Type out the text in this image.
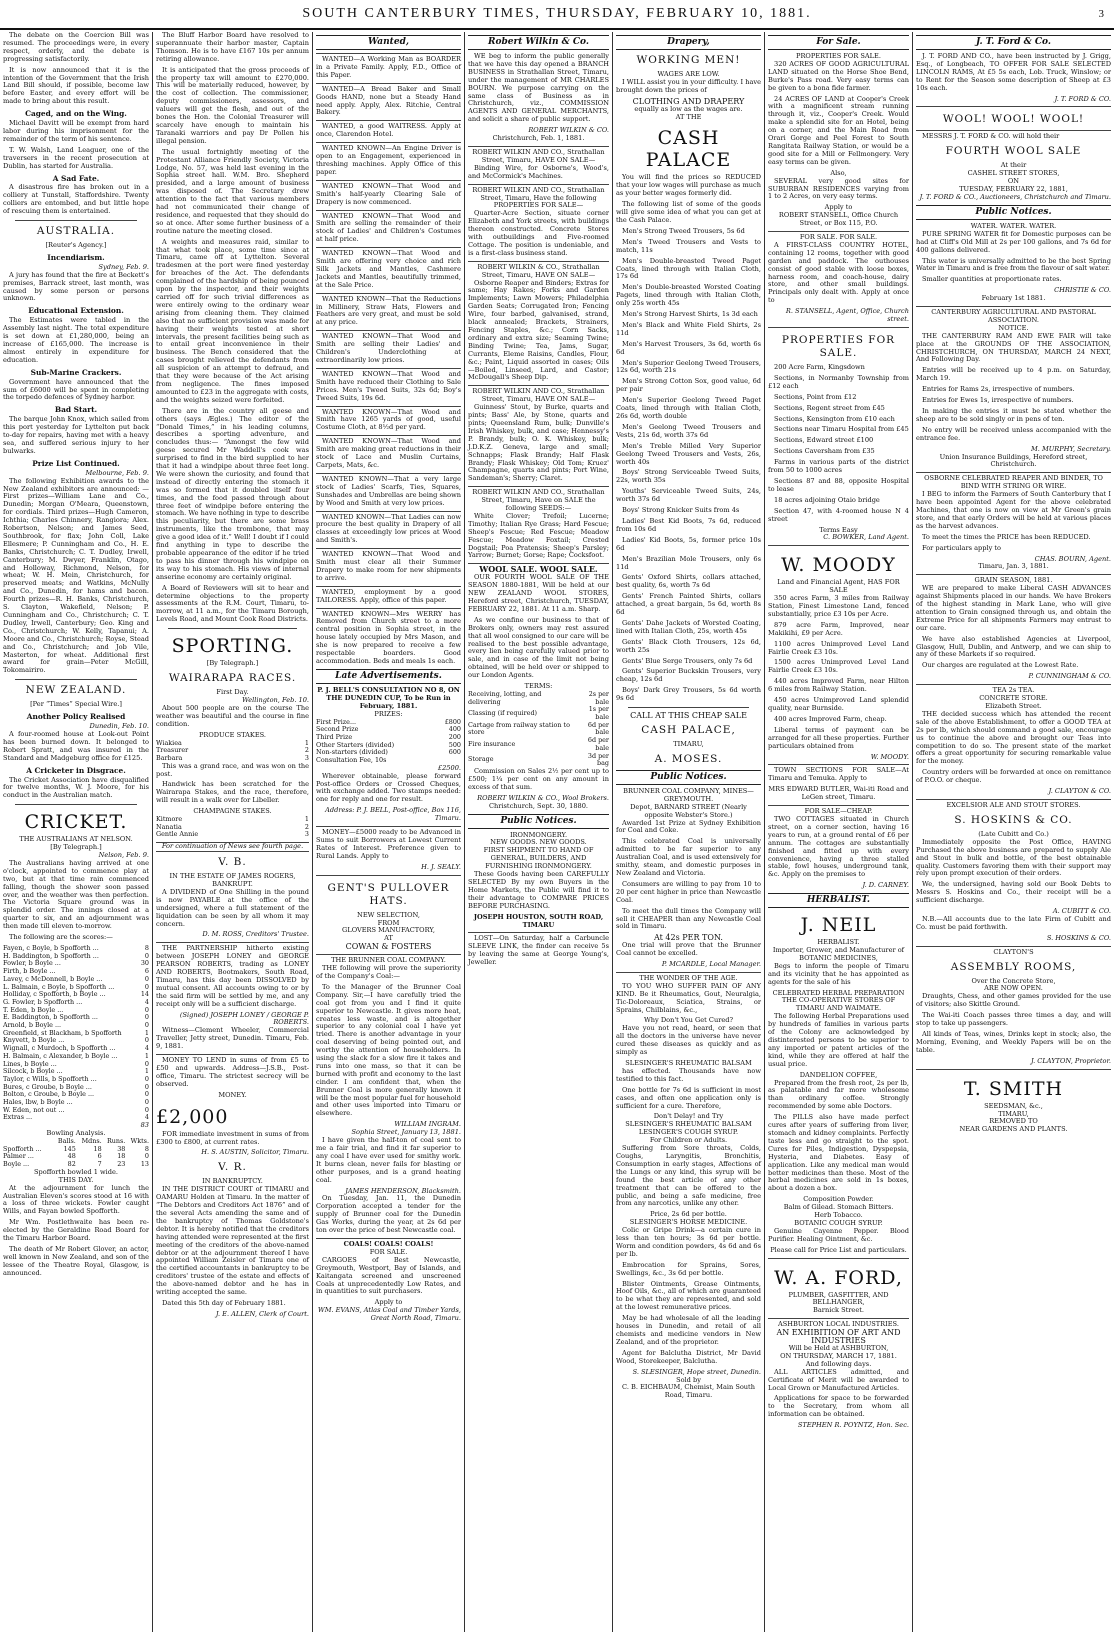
SOUTH CANTERBURY TIMES, THURSDAY, FEBRUARY 10, 1881.	3

The debate on the Coercion Bill was resumed. The proceedings were, in every respect, orderly, and the debate is progressing satisfactorily.

It is now announced that it is the intention of the Government that the Irish Land Bill should, if possible, become law before Easter, and every effort will be made to bring about this result.

Caged, and on the Wing.

Michael Davitt will be exempt from hard labor during his imprisonment for the remainder of the term of his sentence.

T. W. Walsh, Land Leaguer, one of the traversers in the recent prosecution at Dublin, has started for Australia.

A Sad Fate.

A disastrous fire has broken out in a colliery at Tunstall, Staffordshire. Twenty colliers are entombed, and but little hope of rescuing them is entertained.

AUSTRALIA.
[Reuter's Agency.]
Incendiarism.
Sydney, Feb. 9.

A jury has found that the fire at Beckett's premises, Barrack street, last month, was caused by some person or persons unknown.

Educational Extension.

The Estimates were tabled in the Assembly last night. The total expenditure is set down at £1,280,000, being an increase of £165,000. The increase is almost entirely in expenditure for education.

Sub-Marine Crackers.

Government have announced that the sum of £6000 will be spent in completing the torpedo defences of Sydney harbor.

Bad Start.

The barque John Knox, which sailed from this port yesterday for Lyttelton put back to-day for repairs, having met with a heavy sea, and suffered serious injury to her bulwarks.

Prize List Continued.
Melbourne, Feb. 9.

The following Exhibition awards to the New Zealand exhibitors are announced: —First prizes—William Lane and Co., Dunedin; Morgan O'Meara, Queenstown, for cordials. Third prizes—Hugh Cameron, Ichthia; Charles Chinnery, Rangiora; Alex. Robertson, Nelson; and James Seed, Southbrook, for flax; John Coll, Lake Ellesmere; P. Cunningham and Co., H. E. Banks, Christchurch; C. T. Dudley, Irwell, Canterbury; M. Dwyer, Franklin, Otago, and Holloway, Richmond, Nelson, for wheat; W. H. Mein, Christchurch, for preserved meats; and Watkins, McNully and Co., Dunedin, for hams and bacon. Fourth prizes—R. H. Banks, Christchurch, S. Clayton, Wakefield, Nelson; P. Cunningham and Co., Christchurch; C. T. Dudley, Irwell, Canterbury; Geo. King and Co., Christchurch; W. Kelly, Tapanui; A. Moore and Co., Christchurch; Royse, Stead and Co., Christchurch; and Job Vile, Masterton, for wheat. Additional first award for grain—Peter McGill, Tokomairiro.

NEW ZEALAND.
[Per “Times” Special Wire.]
Another Policy Realised
Dunedin, Feb. 10.

A four-roomed house at Look-out Point has been burned down. It belonged to Robert Spratt, and was insured in the Standard and Madgeburg office for £125.

A Cricketer in Disgrace.

The Cricket Association have disqualified for twelve months, W. J. Moore, for his conduct in the Australian match.

CRICKET.
THE AUSTRALIANS AT NELSON.
[By Telegraph.]
Nelson, Feb. 9.

The Australians having arrived at one o'clock, appointed to commence play at two, but at that time rain commenced falling, though the shower soon passed over, and the weather was then perfection. The Victoria Square ground was in splendid order. The innings closed at a quarter to six, and an adjournment was then made till eleven to-morrow.

The following are the scores:—

Fayen, c Boyle, b Spofforth ...	8
H. Baddington, b Spofforth ...	0
Fowler, b Boyle ...	30
Firth, b Boyle ...	6
Lavey, c McDonnell, b Boyle ...	0
L. Balmain, c Boyle, b Spofforth ...	0
Holliday, c Spofforth, b Boyle ...	14
G. Fowler, b Spofforth ...	4
T. Eden, b Boyle ...	0
E. Baddington, b Spofforth ...	0
Arnold, b Boyle ...	0
Greenfield, st Blackham, b Spofforth	1
Knyvett, b Boyle ...	0
Wignall, c Murdoch, b Spofforth ...	4
H. Balmain, c Alexander, b Boyle ...	1
Lines, b Boyle ...	0
Silcock, b Boyle ...	1
Taylor, c Wills, b Spofforth ...	0
Bures, c Groube, b Boyle ...	0
Bolton, c Groube, b Boyle ...	0
Hales, lbw, b Boyle ...	0
W. Eden, not out ...	0
Extras ...	4
83
Bowling Analysis.
	Balls.	Mdns.	Runs.	Wkts.
Spofforth ...	145	18	38	8
Palmer ...	48	6	18	0
Boyle ...	82	7	23	13
Spofforth bowled 1 wide.
THIS DAY.

At the adjournment for lunch the Australian Eleven's scores stood at 16 with a loss of three wickets. Fowler caught Wills, and Fayan bowled Spofforth.

Mr Wm. Postlethwaite has been re-elected by the Geraldine Road Board for the Timaru Harbor Board.

The death of Mr Robert Glover, an actor, well known in New Zealand, and son of the lessee of the Theatre Royal, Glasgow, is announced.

The Bluff Harbor Board have resolved to superannuate their harbor master, Captain Thomson. He is to have £167 10s per annum retiring allowance.

It is anticipated that the gross proceeds of the property tax will amount to £270,000. This will be materially reduced, however, by the cost of collection. The commissioner, deputy commissioners, assessors, and valuers will get the flesh, and out of the bones the Hon. the Colonial Treasurer will scarcely have enough to maintain his Taranaki warriors and pay Dr Pollen his illegal pension.

The usual fortnightly meeting of the Protestant Alliance Friendly Society, Victoria Lodge, No. 57, was held last evening in the Sophia street hall. W.M. Bro. Shepherd presided, and a large amount of business was disposed of. The Secretary drew attention to the fact that various members had not communicated their change of residence, and requested that they should do so at once. After some further business of a routine nature the meeting closed.

A weights and measures raid, similar to that what took place, some time since at Timaru, came off at Lyttelton. Several tradesmen at the port were fined yesterday for breaches of the Act. The defendants complained of the hardship of being pounced upon by the inspector, and their weights carried off for such trivial differences as were entirely owing to the ordinary wear arising from cleaning them. They claimed also that no sufficient provision was made for having their weights tested at short intervals, the present facilities being such as to entail great inconvenience in their business. The Bench considered that the cases brought relieved the defendants from all suspicion of an attempt to defraud, and that they were because of the Act arising from negligence. The fines imposed amounted to £23 in the aggregate with costs, and the weights seized were forfeited.

There are in the country all geese and others (says Ægles.) The editor of the “Donald Times,” in his leading columns, describes a sporting adventure, and concludes thus:— “Amongst the few wild geese secured Mr Waddell's cook was surprised to find in the bird supplied to her that it had a windpipe about three feet long. We were shown the curiosity, and found that instead of directly entering the stomach it was so formed that it doubled itself four times, and the food passed through about three feet of windpipe before entering the stomach. We have nothing in type to describe this peculiarity, but there are some brass instruments, like the trombone, that may give a good idea of it.” Well! I doubt if I could find anything in type to describe the probable appearance of the editor if he tried to pass his dinner through his windpipe on its way to his stomach. His views of internal anserine economy are certainly original.

A Board of Reviewers will sit to hear and determine objections to the property assessments at the R.M. Court, Timaru, to-morrow, at 11 a.m., for the Timaru Borough, Levels Road, and Mount Cook Road Districts.

SPORTING.
[By Telegraph.]
WAIRARAPA RACES.
First Day.
Wellington, Feb. 10.

About 500 people are on the course The weather was beautiful and the course in fine condition.

PRODUCE STAKES.
Wiakiea	1
Treasurer	2
Barbara	3

This was a grand race, and was won on the post.

Handwick has been scratched for the Wairarapa Stakes, and the race, therefore, will result in a walk over for Libeller.

CHAMPAGNE STAKES.
Kitmore	1
Nanatia	2
Gentle Annie	3
For continuation of News see fourth page.
V. B.
IN THE ESTATE OF JAMES ROGERS, BANKRUPT.

A DIVIDEND of One Shilling in the pound is now PAYABLE at the office of the undersigned, where a full statement of the liquidation can be seen by all whom it may concern.

D. M. ROSS, Creditors' Trustee.

THE PARTNERSHIP hitherto existing between JOSEPH LONEY and GEORGE PEARSON ROBERTS, trading as LONEY AND ROBERTS, Bootmakers, South Road, Timaru, has this day been DISSOLVED by mutual consent. All accounts owing to or by the said firm will be settled by me, and any receipt only will be a sufficient discharge.

(Signed) JOSEPH LONEY / GEORGE P. ROBERTS.

Witness—Clement Wheeler, Commercial Traveller, Jetty street, Dunedin. Timaru, Feb. 9, 1881.

MONEY TO LEND in sums of from £5 to £50 and upwards. Address—J.S.B., Post-office, Timaru. The strictest secrecy will be observed.

MONEY.
£2,000

FOR immediate investment in sums of from £300 to £800, at current rates.

H. S. AUSTIN, Solicitor, Timaru.
V. R.
IN BANKRUPTCY.

IN THE DISTRICT COURT of TIMARU and OAMARU Holden at Timaru. In the matter of “The Debtors and Creditors Act 1876” and of the several Acts amending the same and of the bankruptcy of Thomas Goldstone's debtor. It is hereby notified that the creditors having attended were represented at the first meeting of the creditors of the above-named debtor or at the adjournment thereof I have appointed William Zeisler of Timaru one of the certified accountants in bankruptcy to be creditors' trustee of the estate and effects of the above-named debtor and he has in writing accepted the same.

Dated this 5th day of February 1881.

J. E. ALLEN, Clerk of Court.
Wanted,

WANTED—A Working Man as BOARDER in a Private Family. Apply, F.D., Office of this Paper.

WANTED—A Bread Baker and Small Goods HAND, none but a Steady Hand need apply. Apply, Alex. Ritchie, Central Bakery.

WANTED, a good WAITRESS. Apply at once, Clarendon Hotel.

WANTED KNOWN—An Engine Driver is open to an Engagement, experienced in threshing machines. Apply Office of this paper.

WANTED KNOWN—That Wood and Smith's half-yearly Clearing Sale of Drapery is now commenced.

WANTED KNOWN—That Wood and Smith are selling the remainder of their stock of Ladies' and Children's Costumes at half price.

WANTED KNOWN—That Wood and Smith are offering very choice and rich Silk Jackets and Mantles, Cashmere Jackets and Mantles, beautifully trimmed, at the Sale Price.

WANTED KNOWN—That the Reductions in Millinery, Straw Hats, Flowers and Feathers are very great, and must be sold at any price.

WANTED KNOWN—That Wood and Smith are selling their Ladies' and Children's Underclothing at extraordinarily low prices.

WANTED KNOWN—That Wood and Smith have reduced their Clothing to Sale Prices. Men's Tweed Suits, 32s 6d; Boy's Tweed Suits, 19s 6d.

WANTED KNOWN—That Wood and Smith have 1265 yards of good, useful Costume Cloth, at 8½d per yard.

WANTED KNOWN—That Wood and Smith are making great reductions in their stock of Lace and Muslin Curtains, Carpets, Mats, &c.

WANTED KNOWN—That a very large stock of Ladies' Scarfs, Ties, Squares, Sunshades and Umbrellas are being shown by Wood and Smith at very low prices.

WANTED KNOWN—That Ladies can now procure the best quality in Drapery of all classes at exceedingly low prices at Wood and Smith's.

WANTED KNOWN—That Wood and Smith must clear all their Summer Drapery to make room for new shipments to arrive.

WANTED, employment by a good TAILORESS. Apply, office of this paper.

WANTED KNOWN—Mrs WERRY has Removed from Church street to a more central position in Sophia street, in the house lately occupied by Mrs Mason, and she is now prepared to receive a few respectable boarders. Good accommodation. Beds and meals 1s each.

Late Advertisements.
P. J. BELL'S CONSULTATION NO 8, ON THE DUNEDIN CUP, To be Run in February, 1881.
PRIZES:
First Prize...	£800
Second Prize	400
Third Prize	200
Other Starters (divided)	500
Non-starters (divided)	600
Consultation Fee, 10s	
£2500.

Wherever obtainable, please forward Post-office Orders or Crossed Cheques, with exchange added. Two stamps needed: one for reply and one for result.

Address: P. J. BELL, Post-office, Box 116, Timaru.

MONEY—£5000 ready to be Advanced in Sums to suit Borrowers at Lowest Current Rates of Interest. Preference given to Rural Lands. Apply to

H. J. SEALY.
GENT'S PULLOVER HATS.
NEW SELECTION,
FROM
GLOVERS MANUFACTORY,
AT
COWAN & FOSTERS
THE BRUNNER COAL COMPANY.

THE following will prove the superiority of the Company's Coal:—

To the Manager of the Brunner Coal Company. Sir,—I have carefully tried the coal got from you and I find it quite superior to Newcastle. It gives more heat, creates less waste, and is altogether superior to any colonial coal I have yet tried. There is another advantage in your coal deserving of being pointed out, and worthy the attention of householders. In using the slack for a slow fire it takes and runs into one mass, so that it can be burned with profit and economy to the last cinder. I am confident that, when the Brunner Coal is more generally known it will be the most popular fuel for household and other uses imported into Timaru or elsewhere.

WILLIAM INGRAM.
Sophia Street, January 13, 1881.

I have given the half-ton of coal sent to me a fair trial, and find it far superior to any coal I have ever used for smithy work. It burns clean, never fails for blasting or other purposes, and is a grand heating coal.

JAMES HENDERSON, Blacksmith.

On Tuesday, Jan. 11, the Dunedin Corporation accepted a tender for the supply of Brunner coal for the Dunedin Gas Works, during the year, at 2s 6d per ton over the price of best Newcastle coal.

COALS! COALS! COALS!
FOR SALE.

CARGOES of Best Newcastle, Greymouth, Westport, Bay of Islands, and Kaitangata screened and unscreened Coals at unprecedentedly Low Rates, and in quantities to suit purchasers.

Apply to
WM. EVANS, Atlas Coal and Timber Yards, Great North Road, Timaru.
Robert Wilkin & Co.

WE beg to inform the public generally that we have this day opened a BRANCH BUSINESS in Strathallan Street, Timaru, under the management of MR CHARLES BOURN. We purpose carrying on the same class of Business as in Christchurch, viz., COMMISSION AGENTS AND GENERAL MERCHANTS, and solicit a share of public support.

ROBERT WILKIN & CO.
Christchurch, Feb. 1, 1881.
ROBERT WILKIN AND CO., Strathallan Street, Timaru, HAVE ON SALE—

Binding Wire, for Osborne's, Wood's, and McCormick's Machines.

ROBERT WILKIN AND CO., Strathallan Street, Timaru, Have the following PROPERTIES FOR SALE—

Quarter-Acre Section, situate corner Elizabeth and York streets, with buildings thereon constructed. Concrete Stores with outbuildings and Five-roomed Cottage. The position is undeniable, and is a first-class business stand.

ROBERT WILKIN & CO., Strathallan Street, Timaru, HAVE ON SALE—

Osborne Reaper and Binders; Extras for same; Hay Rakes; Forks and Garden Implements; Lawn Mowers; Philadelphia Garden Seats; Corrugated Iron; Fencing Wire, four barbed, galvanised, strand, black annealed; Brackets, Strainers, Fencing Staples, &c.; Corn Sacks, ordinary and extra size; Seaming Twine; Binding Twine; Tea, Jams, Sugar, Currants, Eleme Raisins, Candles, Flour, &c.; Paint, Liquid assorted in cases; Oils—Boiled, Linseed, Lard, and Castor; McDougall's Sheep Dip.

ROBERT WILKIN AND CO., Strathallan Street, Timaru, HAVE ON SALE—

Guinness' Stout, by Burke, quarts and pints; Bass' Ale, by Stone, quarts and pints; Queensland Rum, bulk; Dunville's Irish Whiskey, bulk, and case; Hennessy's P. Brandy, bulk; O. K. Whiskey, bulk; J.D.K.Z. Geneva, large and small; Schnapps; Flask Brandy; Half Flask Brandy; Flask Whiskey; Old Tom; Kruez' Champagne, quarts and pints; Port Wine, Sandeman's; Sherry; Claret.

ROBERT WILKIN AND CO., Strathallan Street, Timaru, Have on SALE the following SEEDS:—

White Clover; Trefoil; Lucerne; Timothy; Italian Rye Grass; Hard Fescue; Sheep's Fescue; Red Fescue; Meadow Fescue; Meadow Foxtail; Crested Dogstail; Poa Pratensis; Sheep's Parsley; Yarrow; Burnet; Gorse; Rape; Cocksfoot.

WOOL SALE. WOOL SALE.

OUR FOURTH WOOL SALE OF THE SEASON 1880-1881, Will be held at our NEW ZEALAND WOOL STORES, Hereford street, Christchurch, TUESDAY, FEBRUARY 22, 1881. At 11 a.m. Sharp.

As we confine our business to that of Brokers only, owners may rest assured that all wool consigned to our care will be realised to the best possible advantage, every lien being carefully valued prior to sale, and in case of the limit not being obtained, will be held over or shipped to our London Agents.

TERMS:
Receiving, lotting, and delivering	2s per bale
Classing (if required)	1s per bale
Cartage from railway station to store	6d per bale
Fire insurance	6d per bale
Storage	3d per bag

Commission on Sales 2½ per cent up to £500; 1¼ per cent on any amount in excess of that sum.

ROBERT WILKIN & CO., Wool Brokers.
Christchurch, Sept. 30, 1880.
Public Notices.
IRONMONGERY.
NEW GOODS. NEW GOODS.
FIRST SHIPMENT TO HAND OF GENERAL, BUILDERS, AND FURNISHING IRONMONGERY.

These Goods having been CAREFULLY SELECTED By my own Buyers in the Home Markets, the Public will find it to their advantage to COMPARE PRICES BEFORE PURCHASING.

JOSEPH HOUSTON, SOUTH ROAD, TIMARU

LOST—On Saturday, half a Carbuncle SLEEVE LINK, the finder can receive 5s by leaving the same at George Young's, Jeweller.

Drapery,
WORKING MEN!
WAGES ARE LOW.

I WILL assist you in your difficulty. I have brought down the prices of

CLOTHING AND DRAPERY
equally as low as the wages are.
AT THE
CASH PALACE

You will find the prices so REDUCED that your low wages will purchase as much as your better wages formerly did.

The following list of some of the goods will give some idea of what you can get at the Cash Palace.

Men's Strong Tweed Trousers, 5s 6d

Men's Tweed Trousers and Vests to match, 11s

Men's Double-breasted Tweed Paget Coats, lined through with Italian Cloth, 17s 6d

Men's Double-breasted Worsted Coating Pagets, lined through with Italian Cloth, only 25s worth 45s

Men's Strong Harvest Shirts, 1s 3d each

Men's Black and White Field Shirts, 2s 11d

Men's Harvest Trousers, 3s 6d, worth 6s 6d

Men's Superior Geelong Tweed Trousers, 12s 6d, worth 21s

Men's Strong Cotton Sox, good value, 6d per pair

Men's Superior Geelong Tweed Paget Coats, lined through with Italian Cloth, 26s 6d, worth double

Men's Geelong Tweed Trousers and Vests, 21s 6d, worth 37s 6d

Men's Treble Milled Very Superior Geelong Tweed Trousers and Vests, 26s, worth 40s

Boys' Strong Serviceable Tweed Suits, 22s, worth 35s

Youths' Serviceable Tweed Suits, 24s, worth 37s 6d

Boys' Strong Knicker Suits from 4s

Ladies' Best Kid Boots, 7s 6d, reduced from 10s 6d

Ladies' Kid Boots, 5s, former price 10s 6d

Men's Brazilian Mole Trousers, only 6s 11d

Gents' Oxford Shirts, collars attached, best quality, 6s, worth 7s 6d

Gents' French Painted Shirts, collars attached, a great bargain, 5s 6d, worth 8s 6d

Gents' Dahe Jackets of Worsted Coating, lined with Italian Cloth, 25s, worth 45s

Gents' Black Cloth Trousers, 12s 6d, worth 25s

Gents' Blue Serge Trousers, only 7s 6d

Gents' Superior Buckskin Trousers, very cheap, 12s 6d

Boys' Dark Grey Trousers, 5s 6d worth 9s 6d

CALL AT THIS CHEAP SALE
CASH PALACE,
TIMARU,
A. MOSES.
Public Notices.
BRUNNER COAL COMPANY, MINES—GREYMOUTH.
Depot, BARNARD STREET (Nearly opposite Webster's Store.)

Awarded 1st Prize at Sydney Exhibition for Coal and Coke.

This celebrated Coal is universally admitted to be far superior to any Australian Coal, and is used extensively for smithy, steam, and domestic purposes in New Zealand and Victoria.

Consumers are willing to pay from 10 to 20 per cent higher in price than Newcastle Coal.

To meet the dull times the Company will sell it CHEAPER than any Newcastle Coal sold in Timaru.

At 42s PER TON.

One trial will prove that the Brunner Coal cannot be excelled.

P. MCARDLE, Local Manager.
THE WONDER OF THE AGE.

TO YOU WHO SUFFER PAIN OF ANY KIND. Be it Rheumatics, Gout, Neuralgia, Tic-Doloreaux, Sciatica, Strains, or Sprains, Chilblains, &c.,

Why Don't You Get Cured?

Have you not read, heard, or seen that all the doctors in the universe have never cured these diseases as quickly and as simply as

SLESINGER'S RHEUMATIC BALSAM

has effected. Thousands have now testified to this fact.

One bottle for 7s 6d is sufficient in most cases, and often one application only is sufficient for a cure. Therefore,

Don't Delay! and Try
SLESINGER'S RHEUMATIC BALSAM
LESINGER'S COUGH SYRUP.
For Children or Adults.

Suffering from Sore throats, Colds, Coughs, Laryngitis, Bronchitis, Consumption in early stages, Affections of the Lungs or any kind, this syrup will be found the best article of any other treatment that can be offered to the public, and being a safe medicine, free from any narcotics, unlike any other.

Price, 2s 6d per bottle.
SLESINGER'S HORSE MEDICINE.

Colic or Gripe Drink—a certain cure in less than ten hours; 3s 6d per bottle. Worm and condition powders, 4s 6d and 6s per lb.

Embrocation for Sprains, Sores, Swellings, &c., 3s 6d per bottle.

Blister Ointments, Grease Ointments, Hoof Oils, &c., all of which are guaranteed to be what they are represented, and sold at the lowest remunerative prices.

May be had wholesale of all the leading houses in Dunedin, and retail of all chemists and medicine vendors in New Zealand, and of the proprietor.

Agent for Balclutha District, Mr David Wood, Storekeeper, Balclutha.

S. SLESINGER, Hope street, Dunedin.
Sold by
C. B. EICHBAUM, Chemist, Main South Road, Timaru.
For Sale.
PROPERTIES FOR SALE.

320 ACRES OF GOOD AGRICULTURAL LAND situated on the Horse Shoe Bend, Burke's Pass road. Very easy terms can be given to a bona fide farmer.

24 ACRES OF LAND at Cooper's Creek with a magnificent stream running through it, viz., Cooper's Creek. Would make a splendid site for an Hotel, being on a corner, and the Main Road from Orari Gorge and Peel Forest to South Rangitata Railway Station, or would be a good site for a Mill or Fellmongery. Very easy terms can be given.

Also,

SEVERAL very good sites for SUBURBAN RESIDENCES varying from 1 to 2 Acres, on very easy terms.

Apply to
ROBERT STANSELL, Office Church Street, or Box 115, P.O.
FOR SALE. FOR SALE.

A FIRST-CLASS COUNTRY HOTEL, containing 12 rooms, together with good garden and paddock. The outhouses consist of good stable with loose boxes, harness room, and coach-house, dairy store, and other small buildings. Principals only dealt with. Apply at once to

R. STANSELL, Agent, Office, Church street.
PROPERTIES FOR SALE.

200 Acre Farm, Kingsdown

Sections, in Normanby Township from £12 each

Sections, Point from £12

Sections, Regent street from £45

Sections, Kensington from £10 each

Sections near Timaru Hospital from £45

Sections, Edward street £100

Sections Caversham from £35

Farms in various parts of the district from 50 to 1000 acres

Sections 87 and 88, opposite Hospital to lease

18 acres adjoining Otaio bridge

Section 47, with 4-roomed house N 4 street

Terms Easy
C. BOWKER, Land Agent.
W. MOODY
Land and Financial Agent, HAS FOR SALE

350 acres Farm, 3 miles from Railway Station, Finest Limestone Land, fenced substantially, price £3 10s per Acre.

879 acre Farm, Improved, near Makikihi, £9 per Acre.

1100 acres Unimproved Level Land Fairlie Creek £3 10s.

1500 acres Unimproved Level Land Fairlie Creek £3 10s.

440 acres Improved Farm, near Hilton 6 miles from Railway Station.

450 acres Unimproved Land splendid quality, near Burnside.

400 acres Improved Farm, cheap.

Liberal terms of payment can be arranged for all these properties. Further particulars obtained from

W. MOODY.

TOWN SECTIONS FOR SALE—At Timaru and Temuka. Apply to

MRS EDWARD BUTLER, Wai-iti Road and LeGen street, Timaru.
FOR SALE—CHEAP.

TWO COTTAGES situated in Church street, on a corner section, having 16 years to run, at a ground rental of £6 per annum. The cottages are substantially finished and fitted up with every convenience, having a three stalled stable, fowl houses, underground tank, &c. Apply on the premises to

J. D. CARNEY.
HERBALIST.
J. NEIL
HERBALIST.
Importer, Grower, and Manufacturer of BOTANIC MEDICINES,

Begs to inform the people of Timaru and its vicinity that he has appointed as agents for the sale of his

CELEBRATED HERBAL PREPARATION
THE CO-OPERATIVE STORES OF TIMARU AND WAIMATE.

The following Herbal Preparations used by hundreds of families in various parts of the Colony are acknowledged by distinterested persons to be superior to any imported or patent articles of the kind, while they are offered at half the usual price.

DANDELION COFFEE,

Prepared from the fresh root, 2s per lb, as palatable and far more wholesome than ordinary coffee. Strongly recommended by some able Doctors.

The PILLS also have made perfect cures after years of suffering from liver, stomach and kidney complaints. Perfectly taste less and go straight to the spot. Cures for Piles, Indigestion, Dyspepsia, Hysteria, and Diabetes. Easy of application. Like any medical man would better medicines than these. Most of the herbal medicines are sold in 1s boxes, about a dozen a box.

Composition Powder.
Balm of Gilead. Stomach Bitters.
Herb Tobacco.
BOTANIC COUGH SYRUP.

Genuine Cayenne Pepper. Blood Purifier. Healing Ointment, &c.

Please call for Price List and particulars.
W. A. FORD,
PLUMBER, GASFITTER, AND BELLHANGER,
Barnick Street.
ASHBURTON LOCAL INDUSTRIES.
AN EXHIBITION OF ART AND INDUSTRIES
Will be Held at ASHBURTON,
ON THURSDAY, MARCH 17, 1881.
And following days.

ALL ARTICLES admitted, and Certificate of Merit will be awarded to Local Grown or Manufactured Articles.

Applications for space to be forwarded to the Secretary, from whom all information can be obtained.

STEPHEN R. POYNTZ, Hon. Sec.
J. T. Ford & Co.

J. T. FORD AND CO., have been instructed by J. Grigg, Esq., of Longbeach, TO OFFER FOR SALE SELECTED LINCOLN RAMS, At £5 5s each, Lob. Truck, Winslow; or to Rent for the Season some description of Sheep at £3 10s each.

J. T. FORD & CO.
WOOL! WOOL! WOOL!

MESSRS J. T. FORD & CO. will hold their

FOURTH WOOL SALE
At their
CASHEL STREET STORES,
ON
TUESDAY, FEBRUARY 22, 1881,
J. T. FORD & CO., Auctioneers, Christchurch and Timaru.
Public Notices.
WATER. WATER. WATER.

PURE SPRING WATER fit for Domestic purposes can be had at Cliff's Old Mill at 2s per 100 gallons, and 7s 6d for 400 gallons delivered.

This water is universally admitted to be the best Spring Water in Timaru and is free from the flavour of salt water.

Smaller quantities at proportionate rates.

CHRISTIE & CO.
February 1st 1881.
CANTERBURY AGRICULTURAL AND PASTORAL ASSOCIATION.
NOTICE.

THE CANTERBURY RAM AND EWE FAIR will take place at the GROUNDS OF THE ASSOCIATION, CHRISTCHURCH, ON THURSDAY, MARCH 24 NEXT, And Following Day.

Entries will be received up to 4 p.m. on Saturday, March 19.

Entries for Rams 2s, irrespective of numbers.

Entries for Ewes 1s, irrespective of numbers.

In making the entries it must be stated whether the sheep are to be sold singly or in pens of ten.

No entry will be received unless accompanied with the entrance fee.

M. MURPHY, Secretary.
Union Insurance Buildings, Hereford street, Christchurch.
OSBORNE CELEBRATED REAPER AND BINDER, TO BIND WITH STRING OR WIRE.

I BEG to inform the Farmers of South Canterbury that I have been appointed Agent for the above celebrated Machines, that one is now on view at Mr Green's grain store, and that early Orders will be held at various places as the harvest advances.

To meet the times the PRICE has been REDUCED.

For particulars apply to

CHAS. BOURN, Agent.
Timaru, Jan. 3, 1881.
GRAIN SEASON, 1881.

WE are prepared to make Liberal CASH ADVANCES against Shipments placed in our hands. We have Brokers of the highest standing in Mark Lane, who will give attention to Grain consigned through us, and obtain the Extreme Price for all shipments Farmers may entrust to our care.

We have also established Agencies at Liverpool, Glasgow, Hull, Dublin, and Antwerp, and we can ship to any of these Markets if so required.

Our charges are regulated at the Lowest Rate.

P. CUNNINGHAM & CO.
TEA 2s TEA.
CONCRETE STORE.
Elizabeth Street.

THE decided success which has attended the recent sale of the above Establishment, to offer a GOOD TEA at 2s per lb, which should command a good sale, encourage us to continue the above and brought our Teas into competition to do so. The present state of the market offers a great opportunity for securing remarkable value for the money.

Country orders will be forwarded at once on remittance of P.O.O. or cheque.

J. CLAYTON & CO.
EXCELSIOR ALE AND STOUT STORES.
S. HOSKINS & CO.
(Late Cubitt and Co.)

Immediately opposite the Post Office, HAVING Purchased the above business are prepared to supply Ale and Stout in bulk and bottle, of the best obtainable quality. Customers favoring them with their support may rely upon prompt execution of their orders.

We, the undersigned, having sold our Book Debts to Messrs S. Hoskins and Co., their receipt will be a sufficient discharge.

A. CUBITT & CO.

N.B.—All accounts due to the late Firm of Cubitt and Co. must be paid forthwith.

S. HOSKINS & CO.
CLAYTON'S
ASSEMBLY ROOMS,
Over the Concrete Store,
ARE NOW OPEN.

Draughts, Chess, and other games provided for the use of visitors; also Skittle Ground.

The Wai-iti Coach passes three times a day, and will stop to take up passengers.

All kinds of Teas, wines, Drinks kept in stock; also, the Morning, Evening, and Weekly Papers will be on the table.

J. CLAYTON, Proprietor.
T. SMITH
SEEDSMAN, &c.,
TIMARU,
REMOVED TO
NEAR GARDENS AND PLANTS.
